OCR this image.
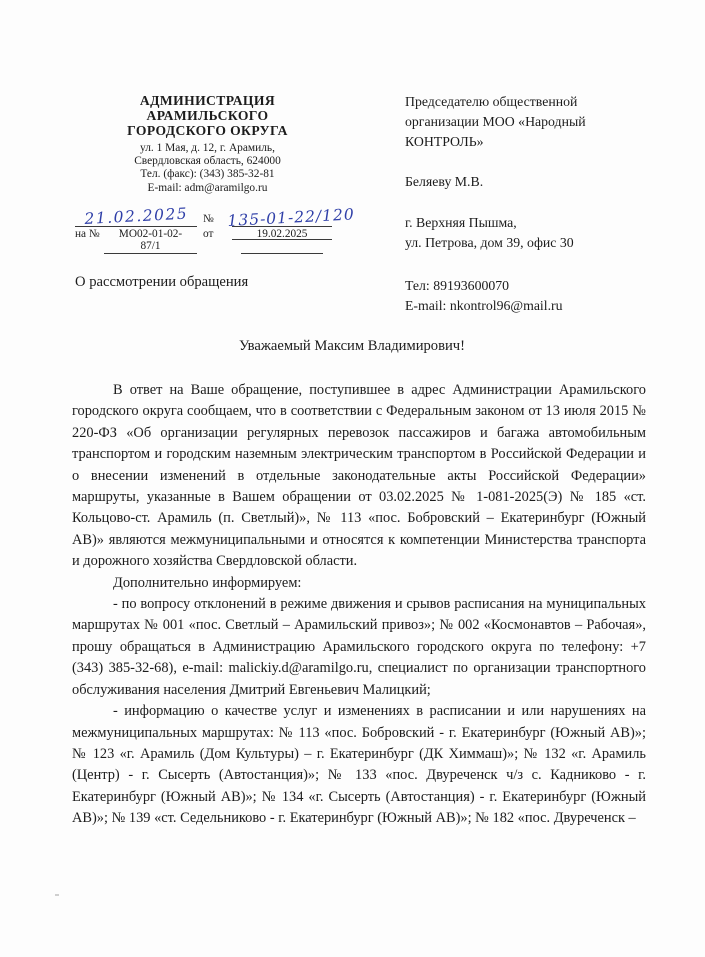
АДМИНИСТРАЦИЯ
АРАМИЛЬСКОГО
ГОРОДСКОГО ОКРУГА
ул. 1 Мая, д. 12, г. Арамиль,
Свердловская область, 624000
Тел. (факс): (343) 385-32-81
E-mail: adm@aramilgo.ru
Председателю общественной
организации МОО «Народный
КОНТРОЛЬ»
Беляеву М.В.
г. Верхняя Пышма,
ул. Петрова, дом 39, офис 30
Тел: 89193600070
E-mail: nkontrol96@mail.ru
21.02.2025	№ 135-01-22/120
на №	МО02-01-02-	от	19.02.2025
87/1
О рассмотрении обращения
Уважаемый Максим Владимирович!

В ответ на Ваше обращение, поступившее в адрес Администрации Арамильского городского округа сообщаем, что в соответствии с Федеральным законом от 13 июля 2015 № 220-ФЗ «Об организации регулярных перевозок пассажиров и багажа автомобильным транспортом и городским наземным электрическим транспортом в Российской Федерации и о внесении изменений в отдельные законодательные акты Российской Федерации» маршруты, указанные в Вашем обращении от 03.02.2025 № 1-081-2025(Э) № 185 «ст. Кольцово-ст. Арамиль (п. Светлый)», № 113 «пос. Бобровский – Екатеринбург (Южный АВ)» являются межмуниципальными и относятся к компетенции Министерства транспорта и дорожного хозяйства Свердловской области.

Дополнительно информируем:

- по вопросу отклонений в режиме движения и срывов расписания на муниципальных маршрутах № 001 «пос. Светлый – Арамильский привоз»; № 002 «Космонавтов – Рабочая», прошу обращаться в Администрацию Арамильского городского округа по телефону: +7 (343) 385-32-68), e-mail: malickiy.d@aramilgo.ru, специалист по организации транспортного обслуживания населения Дмитрий Евгеньевич Малицкий;

- информацию о качестве услуг и изменениях в расписании и или нарушениях на межмуниципальных маршрутах: № 113 «пос. Бобровский - г. Екатеринбург (Южный АВ)»; № 123 «г. Арамиль (Дом Культуры) – г. Екатеринбург (ДК Химмаш)»; № 132 «г. Арамиль (Центр) - г. Сысерть (Автостанция)»; № 133 «пос. Двуреченск ч/з с. Кадниково - г. Екатеринбург (Южный АВ)»; № 134 «г. Сысерть (Автостанция) - г. Екатеринбург (Южный АВ)»; № 139 «ст. Седельниково - г. Екатеринбург (Южный АВ)»; № 182 «пос. Двуреченск –
